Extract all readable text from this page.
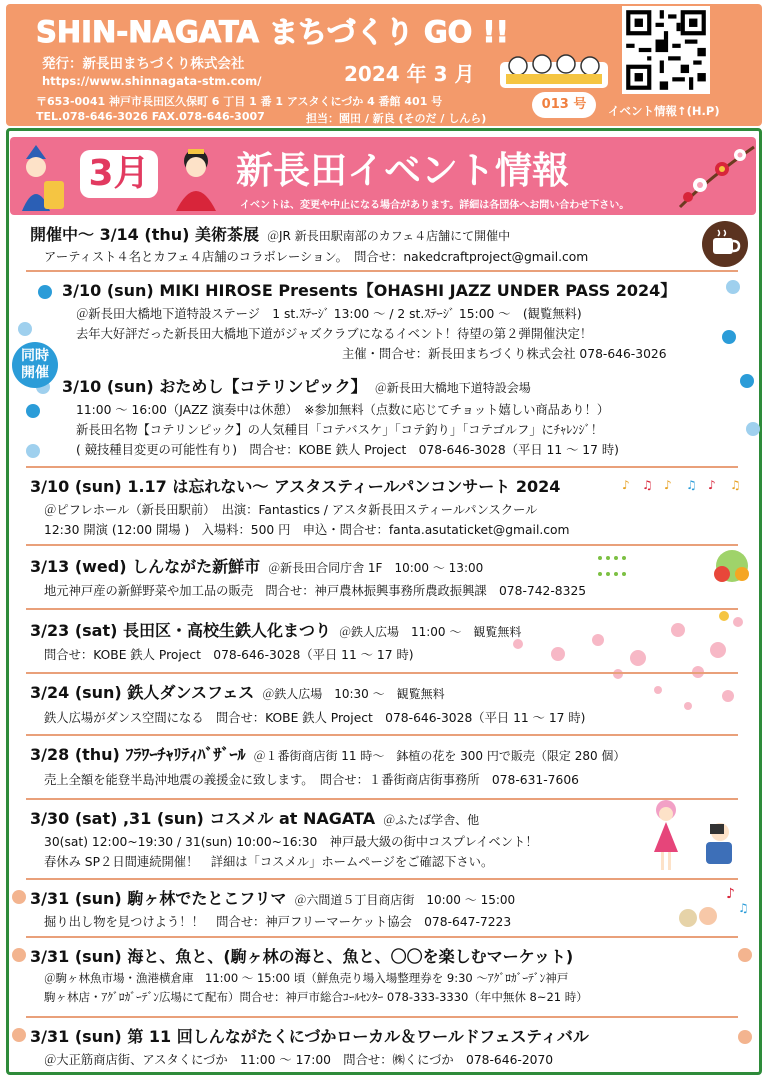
SHIN-NAGATA まちづくり GO !!
発行：新長田まちづくり株式会社
https://www.shinnagata-stm.com/	2024 年 3 月
〒653-0041 神戸市長田区久保町 6 丁目 1 番 1 アスタくにづか 4 番館 401 号
TEL.078-646-3026 FAX.078-646-3007	担当：園田 / 新良 (そのだ / しんら)
013 号	イベント情報↑(H.P)
3月 新長田イベント情報
イベントは、変更や中止になる場合があります。詳細は各団体へお問い合わせ下さい。
♪
♫
♪ ♫ ♪ ♫ ♪ ♫
同時
開催
開催中～ 3/14 (thu) 美術茶展 ＠JR 新長田駅南部のカフェ４店舗にて開催中
アーティスト４名とカフェ４店舗のコラボレーション。　問合せ：nakedcraftproject@gmail.com
3/10 (sun) MIKI HIROSE Presents【OHASHI JAZZ UNDER PASS 2024】
＠新長田大橋地下道特設ステージ　1 st.ｽﾃｰｼﾞ 13:00 ～ / 2 st.ｽﾃｰｼﾞ 15:00 ～　(観覧無料)
去年大好評だった新長田大橋地下道がジャズクラブになるイベント！待望の第２弾開催決定！
主催・問合せ：新長田まちづくり株式会社 078-646-3026
3/10 (sun) おためし【コテリンピック】 ＠新長田大橋地下道特設会場
11:00 ～ 16:00（JAZZ 演奏中は休憩）　※参加無料（点数に応じてチョット嬉しい商品あり！）
新長田名物【コテリンピック】の人気種目「コテバスケ」「コテ釣り」「コテゴルフ」にﾁｬﾚﾝｼﾞ！
( 競技種目変更の可能性有り)　問合せ：KOBE 鉄人 Project　078-646-3028（平日 11 ～ 17 時)
3/10 (sun) 1.17 は忘れない～ アスタスティールパンコンサート 2024
＠ピフレホール（新長田駅前）　出演：Fantastics / アスタ新長田スティールパンスクール
12:30 開演 (12:00 開場 )　入場料：500 円　申込・問合せ：fanta.asutaticket@gmail.com
3/13 (wed) しんながた新鮮市 ＠新長田合同庁舎 1F　10:00 ～ 13:00
地元神戸産の新鮮野菜や加工品の販売　問合せ：神戸農林振興事務所農政振興課　078-742-8325
3/23 (sat) 長田区・高校生鉄人化まつり ＠鉄人広場　11:00 ～　観覧無料
問合せ：KOBE 鉄人 Project　078-646-3028（平日 11 ～ 17 時)
3/24 (sun) 鉄人ダンスフェス ＠鉄人広場　10:30 ～　観覧無料
鉄人広場がダンス空間になる　問合せ：KOBE 鉄人 Project　078-646-3028（平日 11 ～ 17 時)
3/28 (thu) ﾌﾗﾜｰﾁｬﾘﾃｨﾊﾞｻﾞｰﾙ ＠１番街商店街 11 時～　鉢植の花を 300 円で販売（限定 280 個）
売上全額を能登半島沖地震の義援金に致します。　問合せ：１番街商店街事務所　078-631-7606
3/30 (sat) ,31 (sun) コスメル at NAGATA ＠ふたば学舎、他
30(sat) 12:00~19:30 / 31(sun) 10:00~16:30　神戸最大級の街中コスプレイベント！
春休み SP２日間連続開催！　詳細は「コスメル」ホームページをご確認下さい。
3/31 (sun) 駒ヶ林でたとこフリマ ＠六間道５丁目商店街　10:00 ～ 15:00
掘り出し物を見つけよう！！　問合せ：神戸フリーマーケット協会　078-647-7223
3/31 (sun) 海と、魚と、(駒ヶ林の海と、魚と、〇〇を楽しむマーケット)
＠駒ヶ林魚市場・漁港横倉庫　11:00 ～ 15:00 頃（鮮魚売り場入場整理券を 9:30 ～ｱｸﾞﾛｶﾞｰﾃﾞﾝ神戸
駒ヶ林店・ｱｸﾞﾛｶﾞｰﾃﾞﾝ広場にて配布）問合せ：神戸市総合ｺｰﾙｾﾝﾀｰ 078-333-3330（年中無休 8~21 時）
3/31 (sun) 第 11 回しんながたくにづかローカル＆ワールドフェスティバル
＠大正筋商店街、アスタくにづか　11:00 ～ 17:00　問合せ：㈱くにづか　078-646-2070
